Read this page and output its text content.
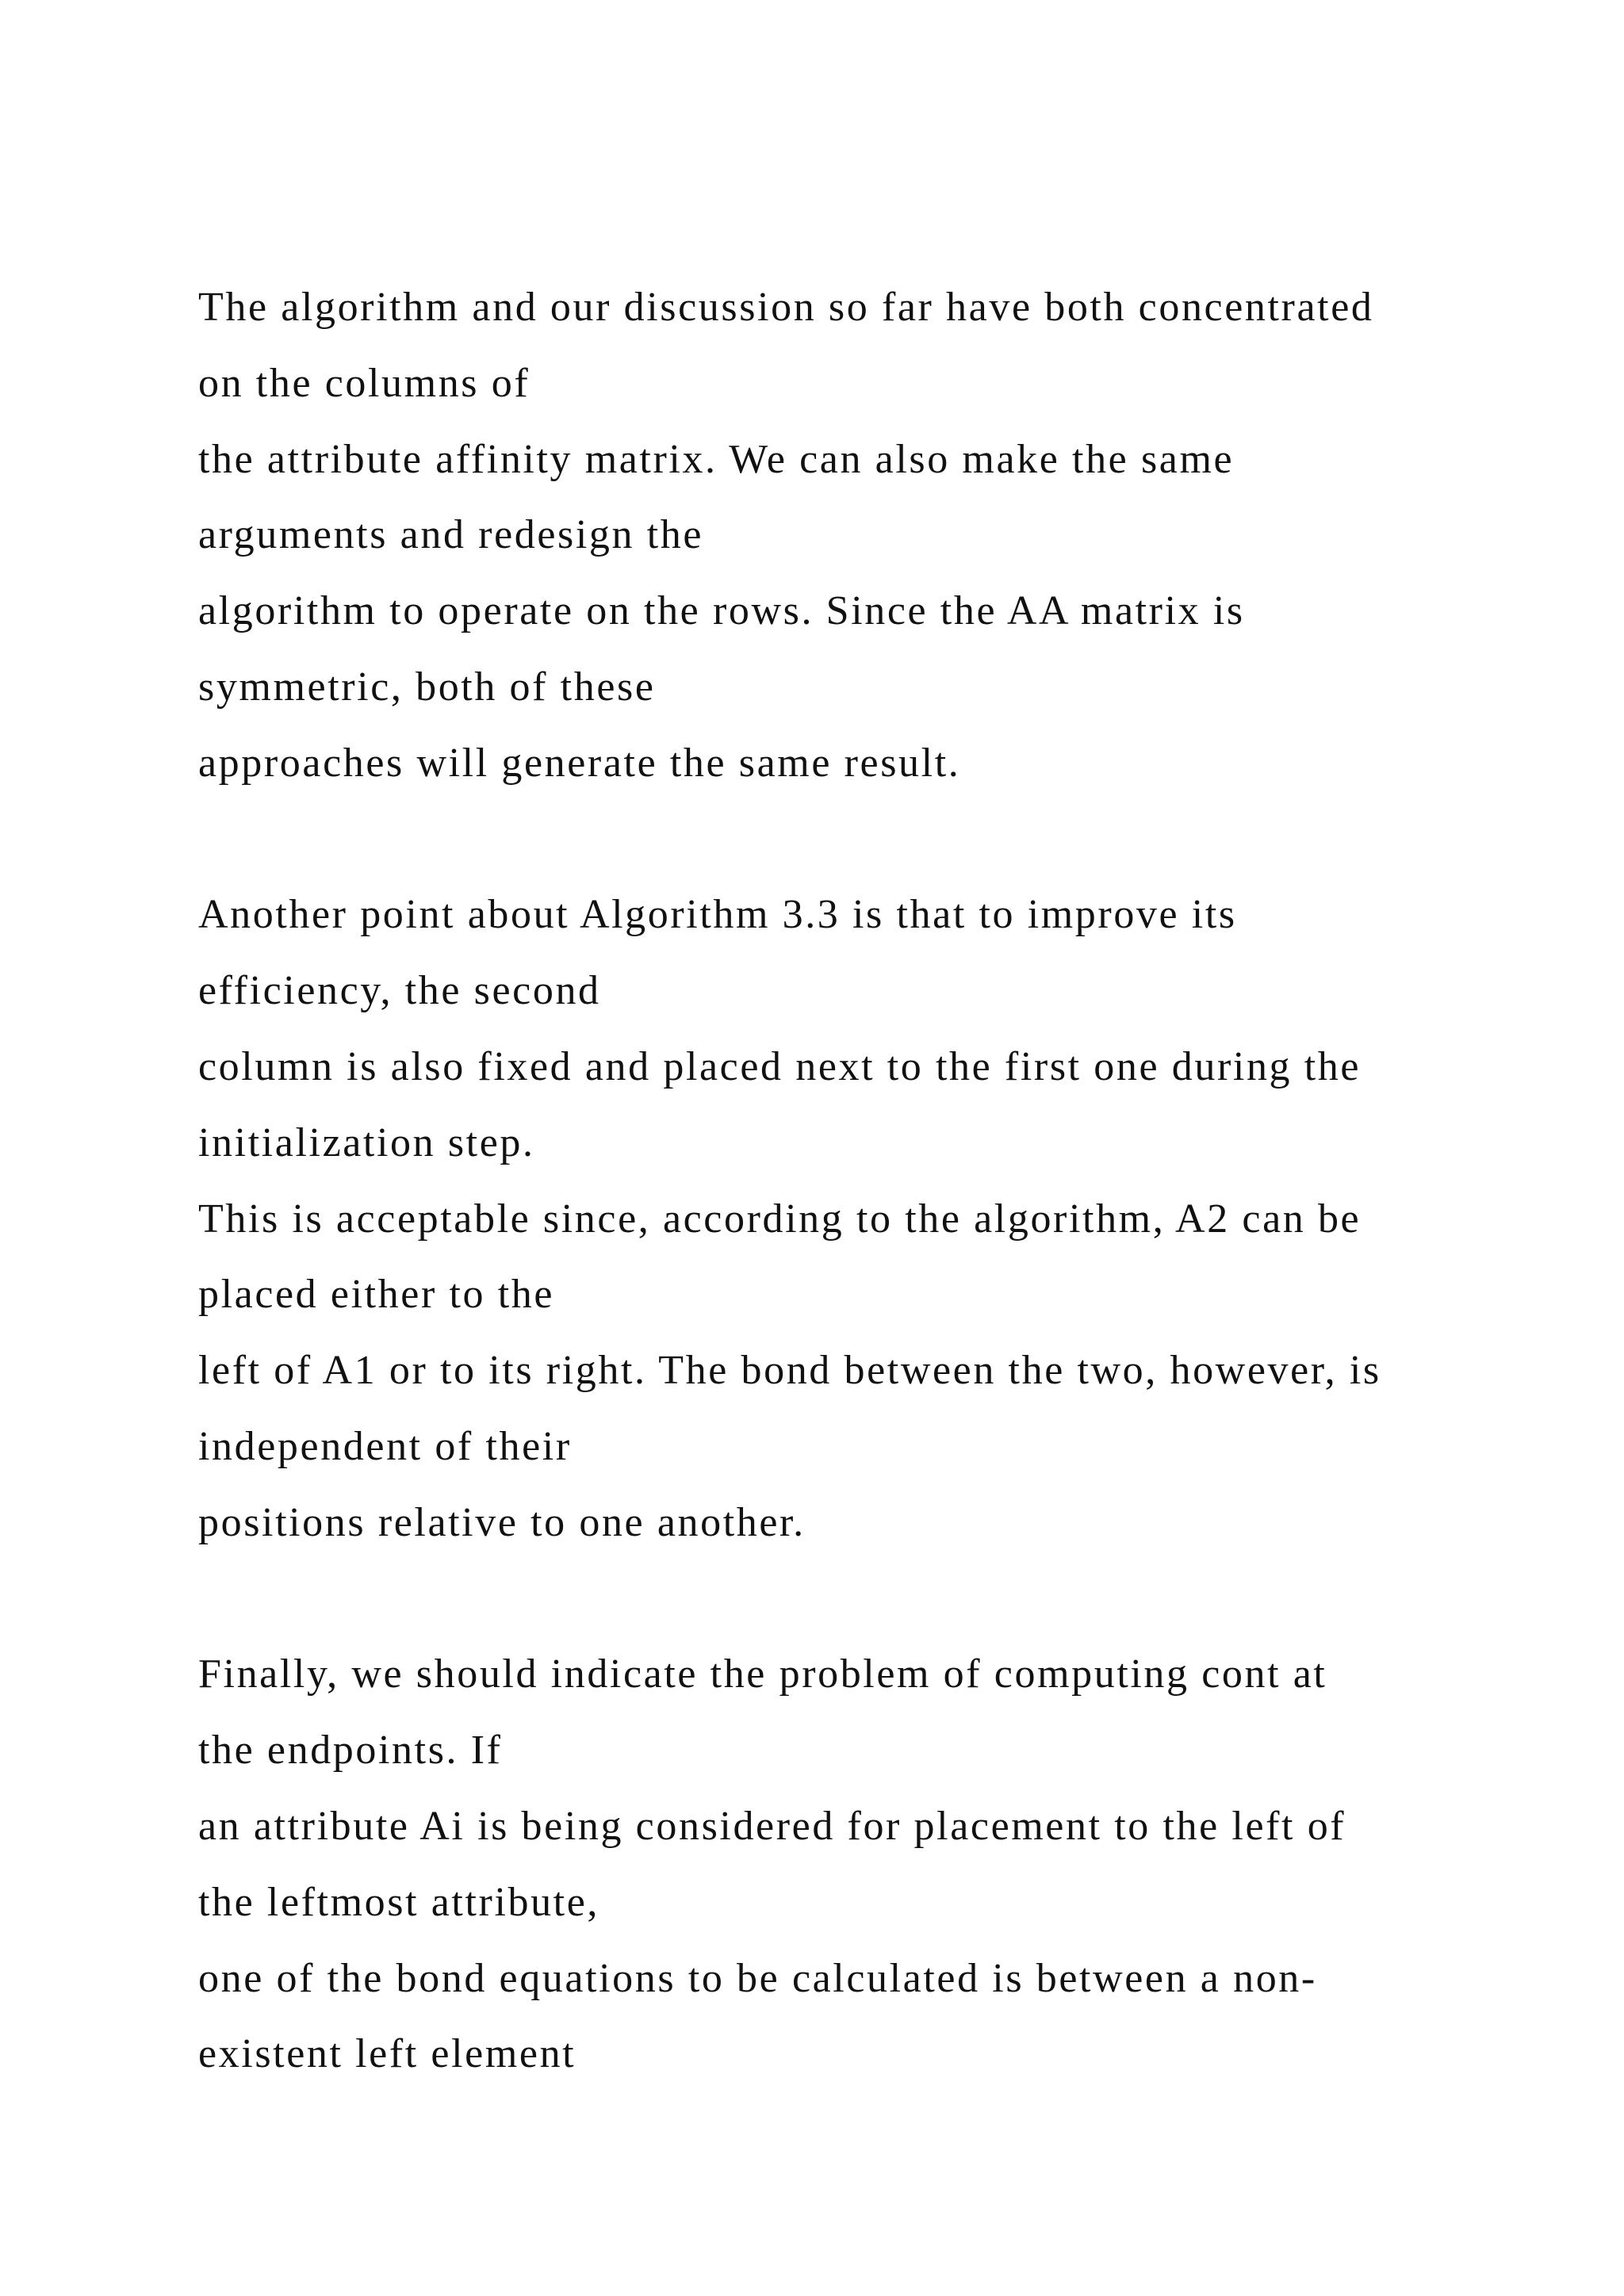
The algorithm and our discussion so far have both concentrated
on the columns of
the attribute affinity matrix. We can also make the same
arguments and redesign the
algorithm to operate on the rows. Since the AA matrix is
symmetric, both of these
approaches will generate the same result.
Another point about Algorithm 3.3 is that to improve its
efficiency, the second
column is also fixed and placed next to the first one during the
initialization step.
This is acceptable since, according to the algorithm, A2 can be
placed either to the
left of A1 or to its right. The bond between the two, however, is
independent of their
positions relative to one another.
Finally, we should indicate the problem of computing cont at
the endpoints. If
an attribute Ai is being considered for placement to the left of
the leftmost attribute,
one of the bond equations to be calculated is between a non-
existent left element
